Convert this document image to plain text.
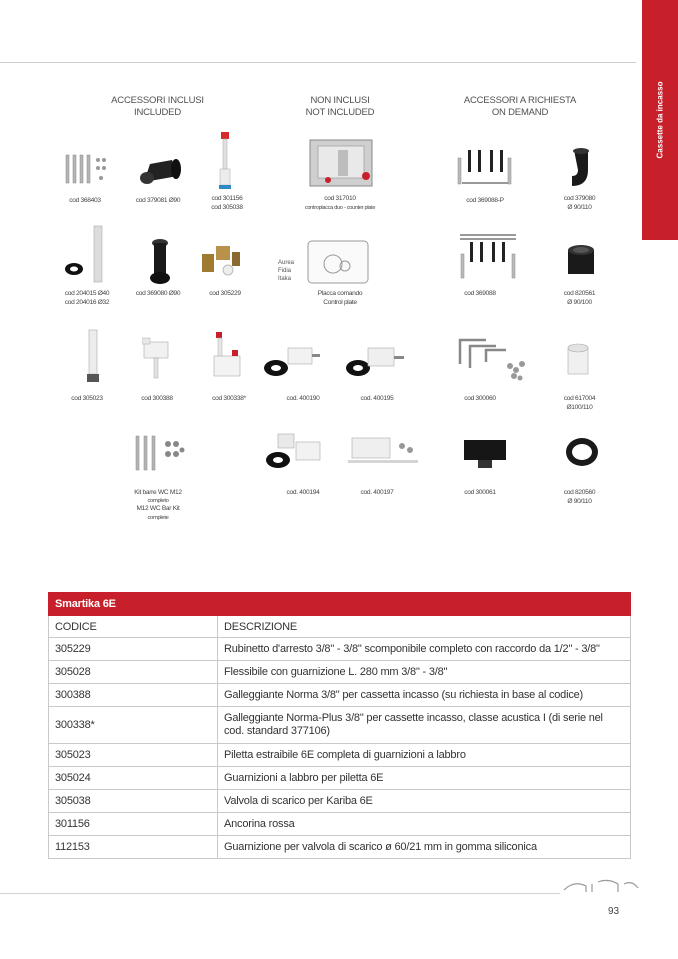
Cassette da incasso
ACCESSORI INCLUSI
INCLUDED
NON INCLUSI
NOT INCLUDED
ACCESSORI A RICHIESTA
ON DEMAND
cod 368403	cod 379081 Ø90	cod 301156
cod 305038
cod 317010
controplacca duo - counter plate
cod 369088-P	cod 379080
Ø 90/110
cod 204015 Ø40
cod 204016 Ø32
cod 369080 Ø90	cod 305229
Aurea
Fidia
Itaka
Placca comando
Control plate
cod 369088	cod 820561
Ø 90/100
cod 305023	cod 300388	cod 300338*	cod. 400190	cod. 400195	cod 300060	cod 617004
Ø100/110
Kit barre WC M12
completo
M12 WC Bar Kit
complete
cod. 400194	cod. 400197	cod 300061	cod 820560
Ø 90/110
Smartika 6E	
CODICE	DESCRIZIONE
305229	Rubinetto d'arresto 3/8" - 3/8" scomponibile completo con raccordo da 1/2" - 3/8"
305028	Flessibile con guarnizione L. 280 mm 3/8" - 3/8"
300388	Galleggiante Norma 3/8" per cassetta incasso (su richiesta in base al codice)
300338*	Galleggiante Norma-Plus 3/8" per cassette incasso, classe acustica I (di serie nel cod. standard 377106)
305023	Piletta estraibile 6E completa di guarnizioni a labbro
305024	Guarnizioni a labbro per piletta 6E
305038	Valvola di scarico per Kariba 6E
301156	Ancorina rossa
112153	Guarnizione per valvola di scarico ø 60/21 mm in gomma siliconica
93
